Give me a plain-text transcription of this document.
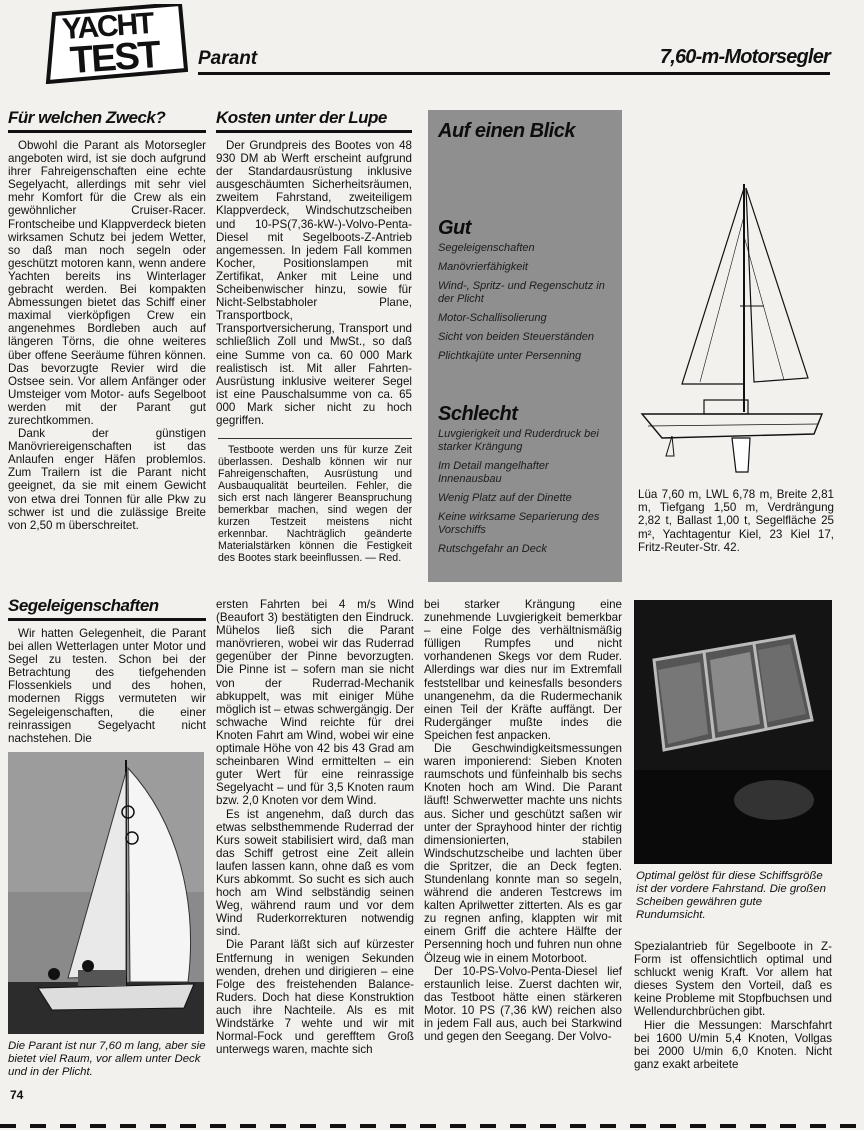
YACHT
TEST Parant	7,60-m-Motorsegler
Für welchen Zweck?

Obwohl die Parant als Motorsegler angeboten wird, ist sie doch aufgrund ihrer Fahreigenschaften eine echte Segelyacht, allerdings mit sehr viel mehr Komfort für die Crew als ein gewöhnlicher Cruiser-Racer. Frontscheibe und Klappverdeck bieten wirksamen Schutz bei jedem Wetter, so daß man noch segeln oder geschützt motoren kann, wenn andere Yachten bereits ins Winterlager gebracht werden. Bei kompakten Abmessungen bietet das Schiff einer maximal vierköpfigen Crew ein angenehmes Bordleben auch auf längeren Törns, die ohne weiteres über offene Seeräume führen können. Das bevorzugte Revier wird die Ostsee sein. Vor allem Anfänger oder Umsteiger vom Motor- aufs Segelboot werden mit der Parant gut zurechtkommen.

Dank der günstigen Manövriereigenschaften ist das Anlaufen enger Häfen problemlos. Zum Trailern ist die Parant nicht geeignet, da sie mit einem Gewicht von etwa drei Tonnen für alle Pkw zu schwer ist und die zulässige Breite von 2,50 m überschreitet.

Kosten unter der Lupe

Der Grundpreis des Bootes von 48 930 DM ab Werft erscheint aufgrund der Standardausrüstung inklusive ausgeschäumten Sicherheitsräumen, zweitem Fahrstand, zweiteiligem Klappverdeck, Windschutzscheiben und 10-PS(7,36-kW-)-Volvo-Penta-Diesel mit Segelboots-Z-Antrieb angemessen. In jedem Fall kommen Kocher, Positionslampen mit Zertifikat, Anker mit Leine und Scheibenwischer hinzu, sowie für Nicht-Selbstabholer Plane, Transportbock, Transportversicherung, Transport und schließlich Zoll und MwSt., so daß eine Summe von ca. 60 000 Mark realistisch ist. Mit aller Fahrten-Ausrüstung inklusive weiterer Segel ist eine Pauschalsumme von ca. 65 000 Mark sicher nicht zu hoch gegriffen.

Testboote werden uns für kurze Zeit überlassen. Deshalb können wir nur Fahreigenschaften, Ausrüstung und Ausbauqualität beurteilen. Fehler, die sich erst nach längerer Beanspruchung bemerkbar machen, sind wegen der kurzen Testzeit meistens nicht erkennbar. Nachträglich geänderte Materialstärken können die Festigkeit des Bootes stark beeinflussen. — Red.

Auf einen Blick
Gut
Segeleigenschaften
Manövrierfähigkeit
Wind-, Spritz- und Regenschutz in der Plicht
Motor-Schallisolierung
Sicht von beiden Steuerständen
Plichtkajüte unter Persenning
Schlecht
Luvgierigkeit und Ruderdruck bei starker Krängung
Im Detail mangelhafter Innenausbau
Wenig Platz auf der Dinette
Keine wirksame Separierung des Vorschiffs
Rutschgefahr an Deck
Lüa 7,60 m, LWL 6,78 m, Breite 2,81 m, Tiefgang 1,50 m, Verdrängung 2,82 t, Ballast 1,00 t, Segelfläche 25 m², Yachtagentur Kiel, 23 Kiel 17, Fritz-Reuter-Str. 42.
Segeleigenschaften

Wir hatten Gelegenheit, die Parant bei allen Wetterlagen unter Motor und Segel zu testen. Schon bei der Betrachtung des tiefgehenden Flossenkiels und des hohen, modernen Riggs vermuteten wir Segeleigenschaften, die einer reinrassigen Segelyacht nicht nachstehen. Die

Die Parant ist nur 7,60 m lang, aber sie bietet viel Raum, vor allem unter Deck und in der Plicht.

ersten Fahrten bei 4 m/s Wind (Beaufort 3) bestätigten den Eindruck. Mühelos ließ sich die Parant manövrieren, wobei wir das Ruderrad gegenüber der Pinne bevorzugten. Die Pinne ist – sofern man sie nicht von der Ruderrad-Mechanik abkuppelt, was mit einiger Mühe möglich ist – etwas schwergängig. Der schwache Wind reichte für drei Knoten Fahrt am Wind, wobei wir eine optimale Höhe von 42 bis 43 Grad am scheinbaren Wind ermittelten – ein guter Wert für eine reinrassige Segelyacht – und für 3,5 Knoten raum bzw. 2,0 Knoten vor dem Wind.

Es ist angenehm, daß durch das etwas selbsthemmende Ruderrad der Kurs soweit stabilisiert wird, daß man das Schiff getrost eine Zeit allein laufen lassen kann, ohne daß es vom Kurs abkommt. So sucht es sich auch hoch am Wind selbständig seinen Weg, während raum und vor dem Wind Ruderkorrekturen notwendig sind.

Die Parant läßt sich auf kürzester Entfernung in wenigen Sekunden wenden, drehen und dirigieren – eine Folge des freistehenden Balance-Ruders. Doch hat diese Konstruktion auch ihre Nachteile. Als es mit Windstärke 7 wehte und wir mit Normal-Fock und gerefftem Groß unterwegs waren, machte sich

bei starker Krängung eine zunehmende Luvgierigkeit bemerkbar – eine Folge des verhältnismäßig fülligen Rumpfes und nicht vorhandenen Skegs vor dem Ruder. Allerdings war dies nur im Extremfall feststellbar und keinesfalls besonders unangenehm, da die Rudermechanik einen Teil der Kräfte auffängt. Der Rudergänger mußte indes die Speichen fest anpacken.

Die Geschwindigkeitsmessungen waren imponierend: Sieben Knoten raumschots und fünfeinhalb bis sechs Knoten hoch am Wind. Die Parant läuft! Schwerwetter machte uns nichts aus. Sicher und geschützt saßen wir unter der Sprayhood hinter der richtig dimensionierten, stabilen Windschutzscheibe und lachten über die Spritzer, die an Deck fegten. Stundenlang konnte man so segeln, während die anderen Testcrews im kalten Aprilwetter zitterten. Als es gar zu regnen anfing, klappten wir mit einem Griff die achtere Hälfte der Persenning hoch und fuhren nun ohne Ölzeug wie in einem Motorboot.

Der 10-PS-Volvo-Penta-Diesel lief erstaunlich leise. Zuerst dachten wir, das Testboot hätte einen stärkeren Motor. 10 PS (7,36 kW) reichen also in jedem Fall aus, auch bei Starkwind und gegen den Seegang. Der Volvo-

Optimal gelöst für diese Schiffsgröße ist der vordere Fahrstand. Die großen Scheiben gewähren gute Rundumsicht.

Spezialantrieb für Segelboote in Z-Form ist offensichtlich optimal und schluckt wenig Kraft. Vor allem hat dieses System den Vorteil, daß es keine Probleme mit Stopfbuchsen und Wellendurchbrüchen gibt.

Hier die Messungen: Marschfahrt bei 1600 U/min 5,4 Knoten, Vollgas bei 2000 U/min 6,0 Knoten. Nicht ganz exakt arbeitete

74
